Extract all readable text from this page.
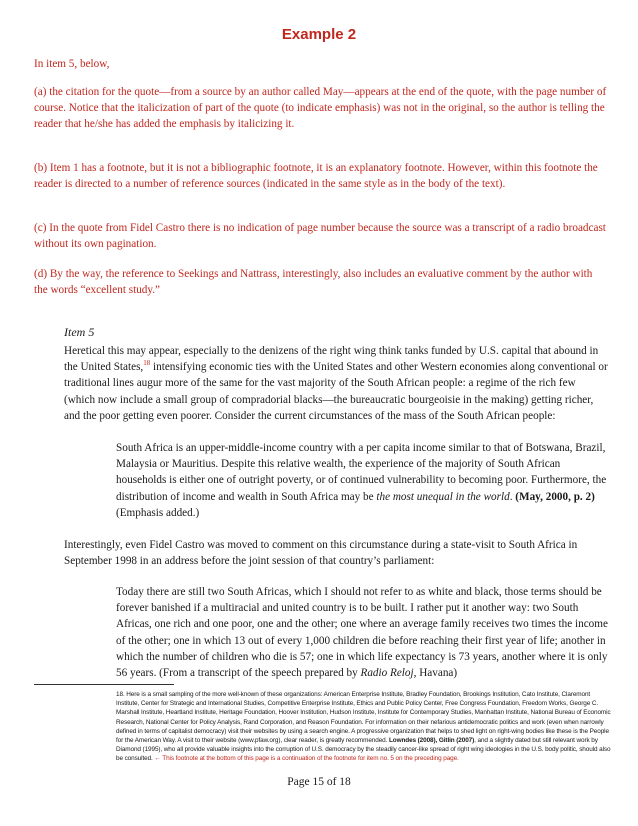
Example 2
In item 5, below,
(a) the citation for the quote—from a source by an author called May—appears at the end of the quote, with the page number of course. Notice that the italicization of part of the quote (to indicate emphasis) was not in the original, so the author is telling the reader that he/she has added the emphasis by italicizing it.
(b) Item 1 has a footnote, but it is not a bibliographic footnote, it is an explanatory footnote. However, within this footnote the reader is directed to a number of reference sources (indicated in the same style as in the body of the text).
(c) In the quote from Fidel Castro there is no indication of page number because the source was a transcript of a radio broadcast without its own pagination.
(d) By the way, the reference to Seekings and Nattrass, interestingly, also includes an evaluative comment by the author with the words “excellent study.”
Item 5
Heretical this may appear, especially to the denizens of the right wing think tanks funded by U.S. capital that abound in the United States,$^{18}$ intensifying economic ties with the United States and other Western economies along conventional or traditional lines augur more of the same for the vast majority of the South African people: a regime of the rich few (which now include a small group of compradorial blacks—the bureaucratic bourgeoisie in the making) getting richer, and the poor getting even poorer. Consider the current circumstances of the mass of the South African people:
South Africa is an upper-middle-income country with a per capita income similar to that of Botswana, Brazil, Malaysia or Mauritius. Despite this relative wealth, the experience of the majority of South African households is either one of outright poverty, or of continued vulnerability to becoming poor. Furthermore, the distribution of income and wealth in South Africa may be the most unequal in the world. (May, 2000, p. 2) (Emphasis added.)
Interestingly, even Fidel Castro was moved to comment on this circumstance during a state-visit to South Africa in September 1998 in an address before the joint session of that country’s parliament:
Today there are still two South Africas, which I should not refer to as white and black, those terms should be forever banished if a multiracial and united country is to be built. I rather put it another way: two South Africas, one rich and one poor, one and the other; one where an average family receives two times the income of the other; one in which 13 out of every 1,000 children die before reaching their first year of life; another in which the number of children who die is 57; one in which life expectancy is 73 years, another where it is only 56 years. (From a transcript of the speech prepared by Radio Reloj, Havana)
18. Here is a small sampling of the more well-known of these organizations: American Enterprise Institute, Bradley Foundation, Brookings Institution, Cato Institute, Claremont Institute, Center for Strategic and International Studies, Competitive Enterprise Institute, Ethics and Public Policy Center, Free Congress Foundation, Freedom Works, George C. Marshall Institute, Heartland Institute, Heritage Foundation, Hoover Institution, Hudson Institute, Institute for Contemporary Studies, Manhattan Institute, National Bureau of Economic Research, National Center for Policy Analysis, Rand Corporation, and Reason Foundation. For information on their nefarious antidemocratic politics and work (even when narrowly defined in terms of capitalist democracy) visit their websites by using a search engine. A progressive organization that helps to shed light on right-wing bodies like these is the People for the American Way. A visit to their website (www.pfaw.org), clear reader, is greatly recommended. Lowndes (2008), Gitlin (2007), and a slightly dated but still relevant work by Diamond (1995), who all provide valuable insights into the corruption of U.S. democracy by the steadily cancer-like spread of right wing ideologies in the U.S. body politic, should also be consulted. ← This footnote at the bottom of this page is a continuation of the footnote for item no. 5 on the preceding page.
Page 15 of 18
